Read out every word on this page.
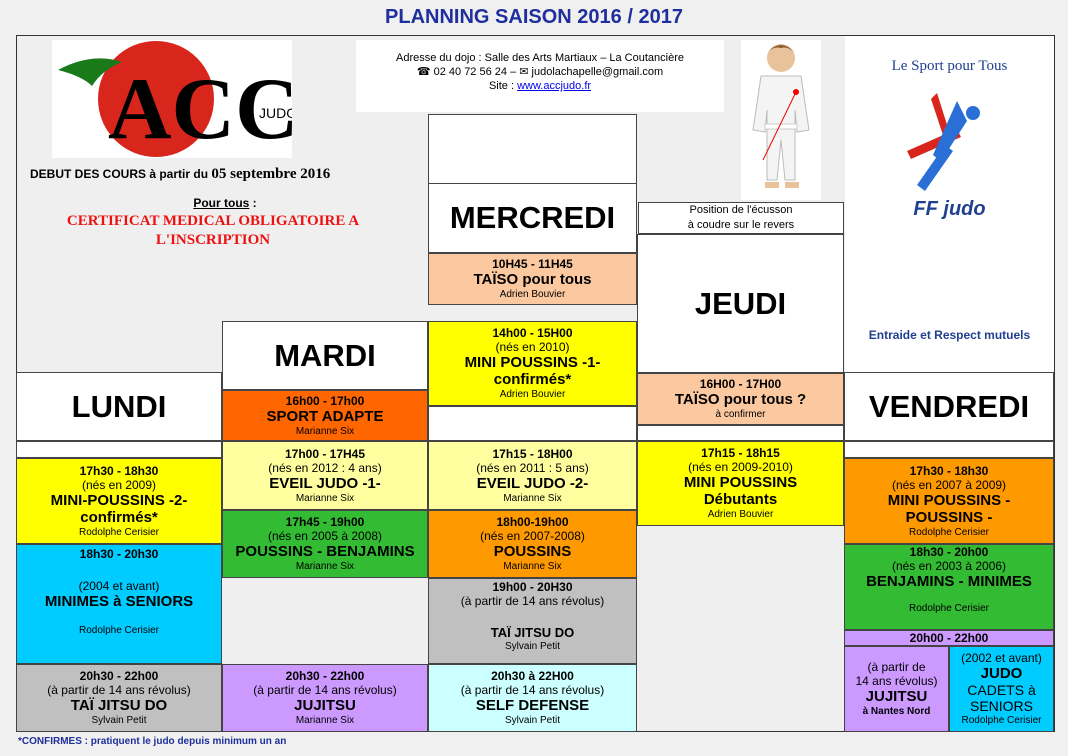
PLANNING SAISON 2016 / 2017
ACC
JUDO
DEBUT DES COURS à partir du 05 septembre 2016
Pour tous :
CERTIFICAT MEDICAL OBLIGATOIRE A
L'INSCRIPTION
Adresse du dojo : Salle des Arts Martiaux – La Coutancière
☎ 02 40 72 56 24 – ✉ judolachapelle@gmail.com
Site : www.accjudo.fr
Position de l'écusson
à coudre sur le revers
Le Sport pour Tous
FF judo
Entraide et Respect mutuels
LUNDI
MARDI
MERCREDI
JEUDI
VENDREDI
17h30 - 18h30
(nés en 2009)
MINI-POUSSINS -2-
confirmés*
Rodolphe Cerisier
18h30 - 20h30
(2004 et avant)
MINIMES à SENIORS
Rodolphe Cerisier
20h30 - 22h00
(à partir de 14 ans révolus)
TAÏ JITSU DO
Sylvain Petit
16h00 - 17h00
SPORT ADAPTE
Marianne Six
17h00 - 17H45
(nés en 2012 : 4 ans)
EVEIL JUDO -1-
Marianne Six
17h45 - 19h00
(nés en 2005 à 2008)
POUSSINS - BENJAMINS
Marianne Six
20h30 - 22h00
(à partir de 14 ans révolus)
JUJITSU
Marianne Six
10H45 - 11H45
TAÏSO pour tous
Adrien Bouvier
14h00 - 15H00
(nés en 2010)
MINI POUSSINS -1-
confirmés*
Adrien Bouvier
17h15 - 18H00
(nés en 2011 : 5 ans)
EVEIL JUDO -2-
Marianne Six
18h00-19h00
(nés en 2007-2008)
POUSSINS
Marianne Six
19h00 - 20H30
(à partir de 14 ans révolus)
TAÏ JITSU DO
Sylvain Petit
20h30 à 22H00
(à partir de 14 ans révolus)
SELF DEFENSE
Sylvain Petit
16H00 - 17H00
TAÏSO pour tous ?
à confirmer
17h15 - 18h15
(nés en 2009-2010)
MINI POUSSINS
Débutants
Adrien Bouvier
17h30 - 18h30
(nés en 2007 à 2009)
MINI POUSSINS -
POUSSINS -
Rodolphe Cerisier
18h30 - 20h00
(nés en 2003 à 2006)
BENJAMINS - MINIMES
Rodolphe Cerisier
20h00 - 22h00
(à partir de
14 ans révolus)
JUJITSU
à Nantes Nord
(2002 et avant)
JUDO
CADETS à
SENIORS
Rodolphe Cerisier
*CONFIRMES : pratiquent le judo depuis minimum un an
